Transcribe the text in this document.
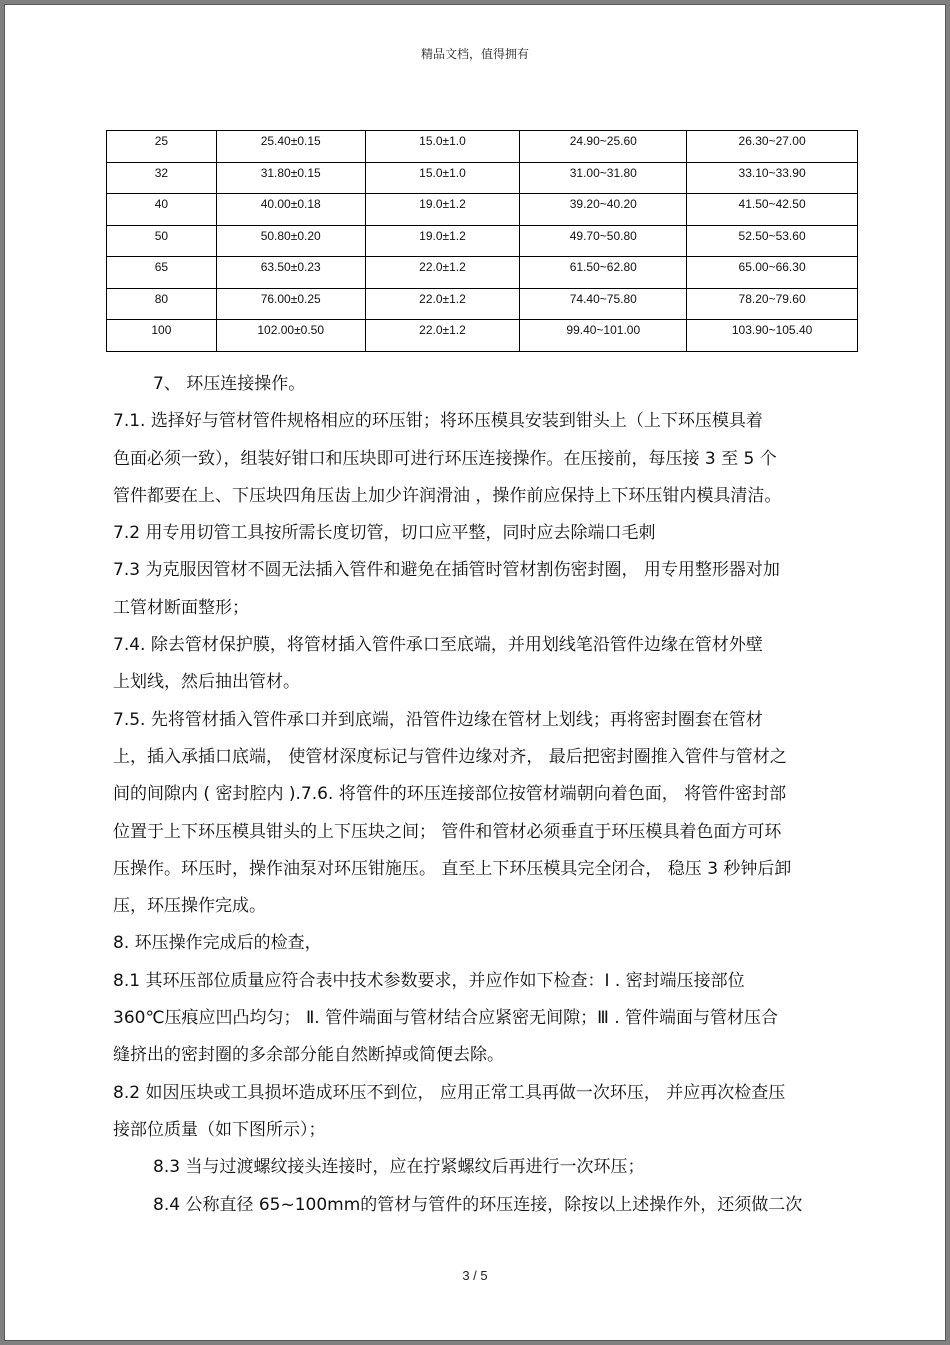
精品文档，值得拥有
25	25.40±0.15	15.0±1.0	24.90~25.60	26.30~27.00
32	31.80±0.15	15.0±1.0	31.00~31.80	33.10~33.90
40	40.00±0.18	19.0±1.2	39.20~40.20	41.50~42.50
50	50.80±0.20	19.0±1.2	49.70~50.80	52.50~53.60
65	63.50±0.23	22.0±1.2	61.50~62.80	65.00~66.30
80	76.00±0.25	22.0±1.2	74.40~75.80	78.20~79.60
100	102.00±0.50	22.0±1.2	99.40~101.00	103.90~105.40
7、 环压连接操作。
7.1. 选择好与管材管件规格相应的环压钳；将环压模具安装到钳头上（上下环压模具着
色面必须一致），组装好钳口和压块即可进行环压连接操作。在压接前，每压接 3 至 5 个
管件都要在上、下压块四角压齿上加少许润滑油 ，操作前应保持上下环压钳内模具清洁。
7.2 用专用切管工具按所需长度切管，切口应平整，同时应去除端口毛刺
7.3 为克服因管材不圆无法插入管件和避免在插管时管材割伤密封圈， 用专用整形器对加
工管材断面整形；
7.4. 除去管材保护膜，将管材插入管件承口至底端，并用划线笔沿管件边缘在管材外壁
上划线，然后抽出管材。
7.5. 先将管材插入管件承口并到底端，沿管件边缘在管材上划线；再将密封圈套在管材
上，插入承插口底端， 使管材深度标记与管件边缘对齐， 最后把密封圈推入管件与管材之
间的间隙内 ( 密封腔内 ).7.6. 将管件的环压连接部位按管材端朝向着色面， 将管件密封部
位置于上下环压模具钳头的上下压块之间； 管件和管材必须垂直于环压模具着色面方可环
压操作。环压时，操作油泵对环压钳施压。 直至上下环压模具完全闭合， 稳压 3 秒钟后卸
压，环压操作完成。
8. 环压操作完成后的检查，
8.1 其环压部位质量应符合表中技术参数要求，并应作如下检查：Ⅰ . 密封端压接部位
360℃压痕应凹凸均匀； Ⅱ. 管件端面与管材结合应紧密无间隙；Ⅲ . 管件端面与管材压合
缝挤出的密封圈的多余部分能自然断掉或简便去除。
8.2 如因压块或工具损坏造成环压不到位， 应用正常工具再做一次环压， 并应再次检查压
接部位质量（如下图所示）；
8.3 当与过渡螺纹接头连接时，应在拧紧螺纹后再进行一次环压；
8.4 公称直径 65~100mm的管材与管件的环压连接，除按以上述操作外，还须做二次
3 / 5
